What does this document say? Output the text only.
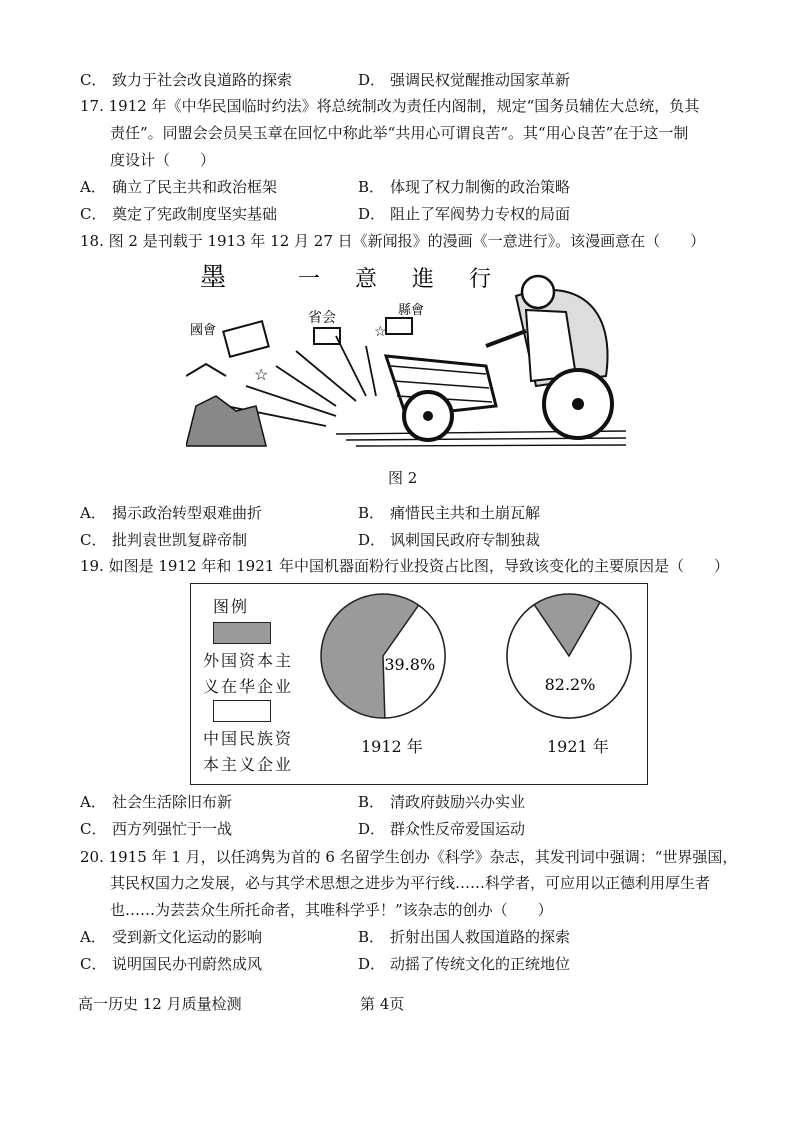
C． 致力于社会改良道路的探索	D． 强调民权觉醒推动国家革新
17. 1912 年《中华民国临时约法》将总统制改为责任内阁制，规定“国务员辅佐大总统，负其
责任”。同盟会会员吴玉章在回忆中称此举“共用心可谓良苦”。其“用心良苦”在于这一制
度设计（　　）
A． 确立了民主共和政治框架	B． 体现了权力制衡的政治策略
C． 奠定了宪政制度坚实基础	D． 阻止了军阀势力专权的局面
18. 图 2 是刊载于 1913 年 12 月 27 日《新闻报》的漫画《一意进行》。该漫画意在（　　）
墨	一 意 進 行
省会	縣會
國會
☆
☆
图 2
A． 揭示政治转型艰难曲折	B． 痛惜民主共和土崩瓦解
C． 批判袁世凯复辟帝制	D． 讽刺国民政府专制独裁
19. 如图是 1912 年和 1921 年中国机器面粉行业投资占比图，导致该变化的主要原因是（　　）
图例
外国资本主
义在华企业
中国民族资
本主义企业
39.8%
82.2%
1912 年	1921 年
A． 社会生活除旧布新	B． 清政府鼓励兴办实业
C． 西方列强忙于一战	D． 群众性反帝爱国运动
20. 1915 年 1 月，以任鸿隽为首的 6 名留学生创办《科学》杂志，其发刊词中强调：“世界强国，
其民权国力之发展，必与其学术思想之进步为平行线……科学者，可应用以正德利用厚生者
也……为芸芸众生所托命者，其唯科学乎！”该杂志的创办（　　）
A． 受到新文化运动的影响	B． 折射出国人救国道路的探索
C． 说明国民办刊蔚然成风	D． 动摇了传统文化的正统地位
高一历史 12 月质量检测	第 4页
